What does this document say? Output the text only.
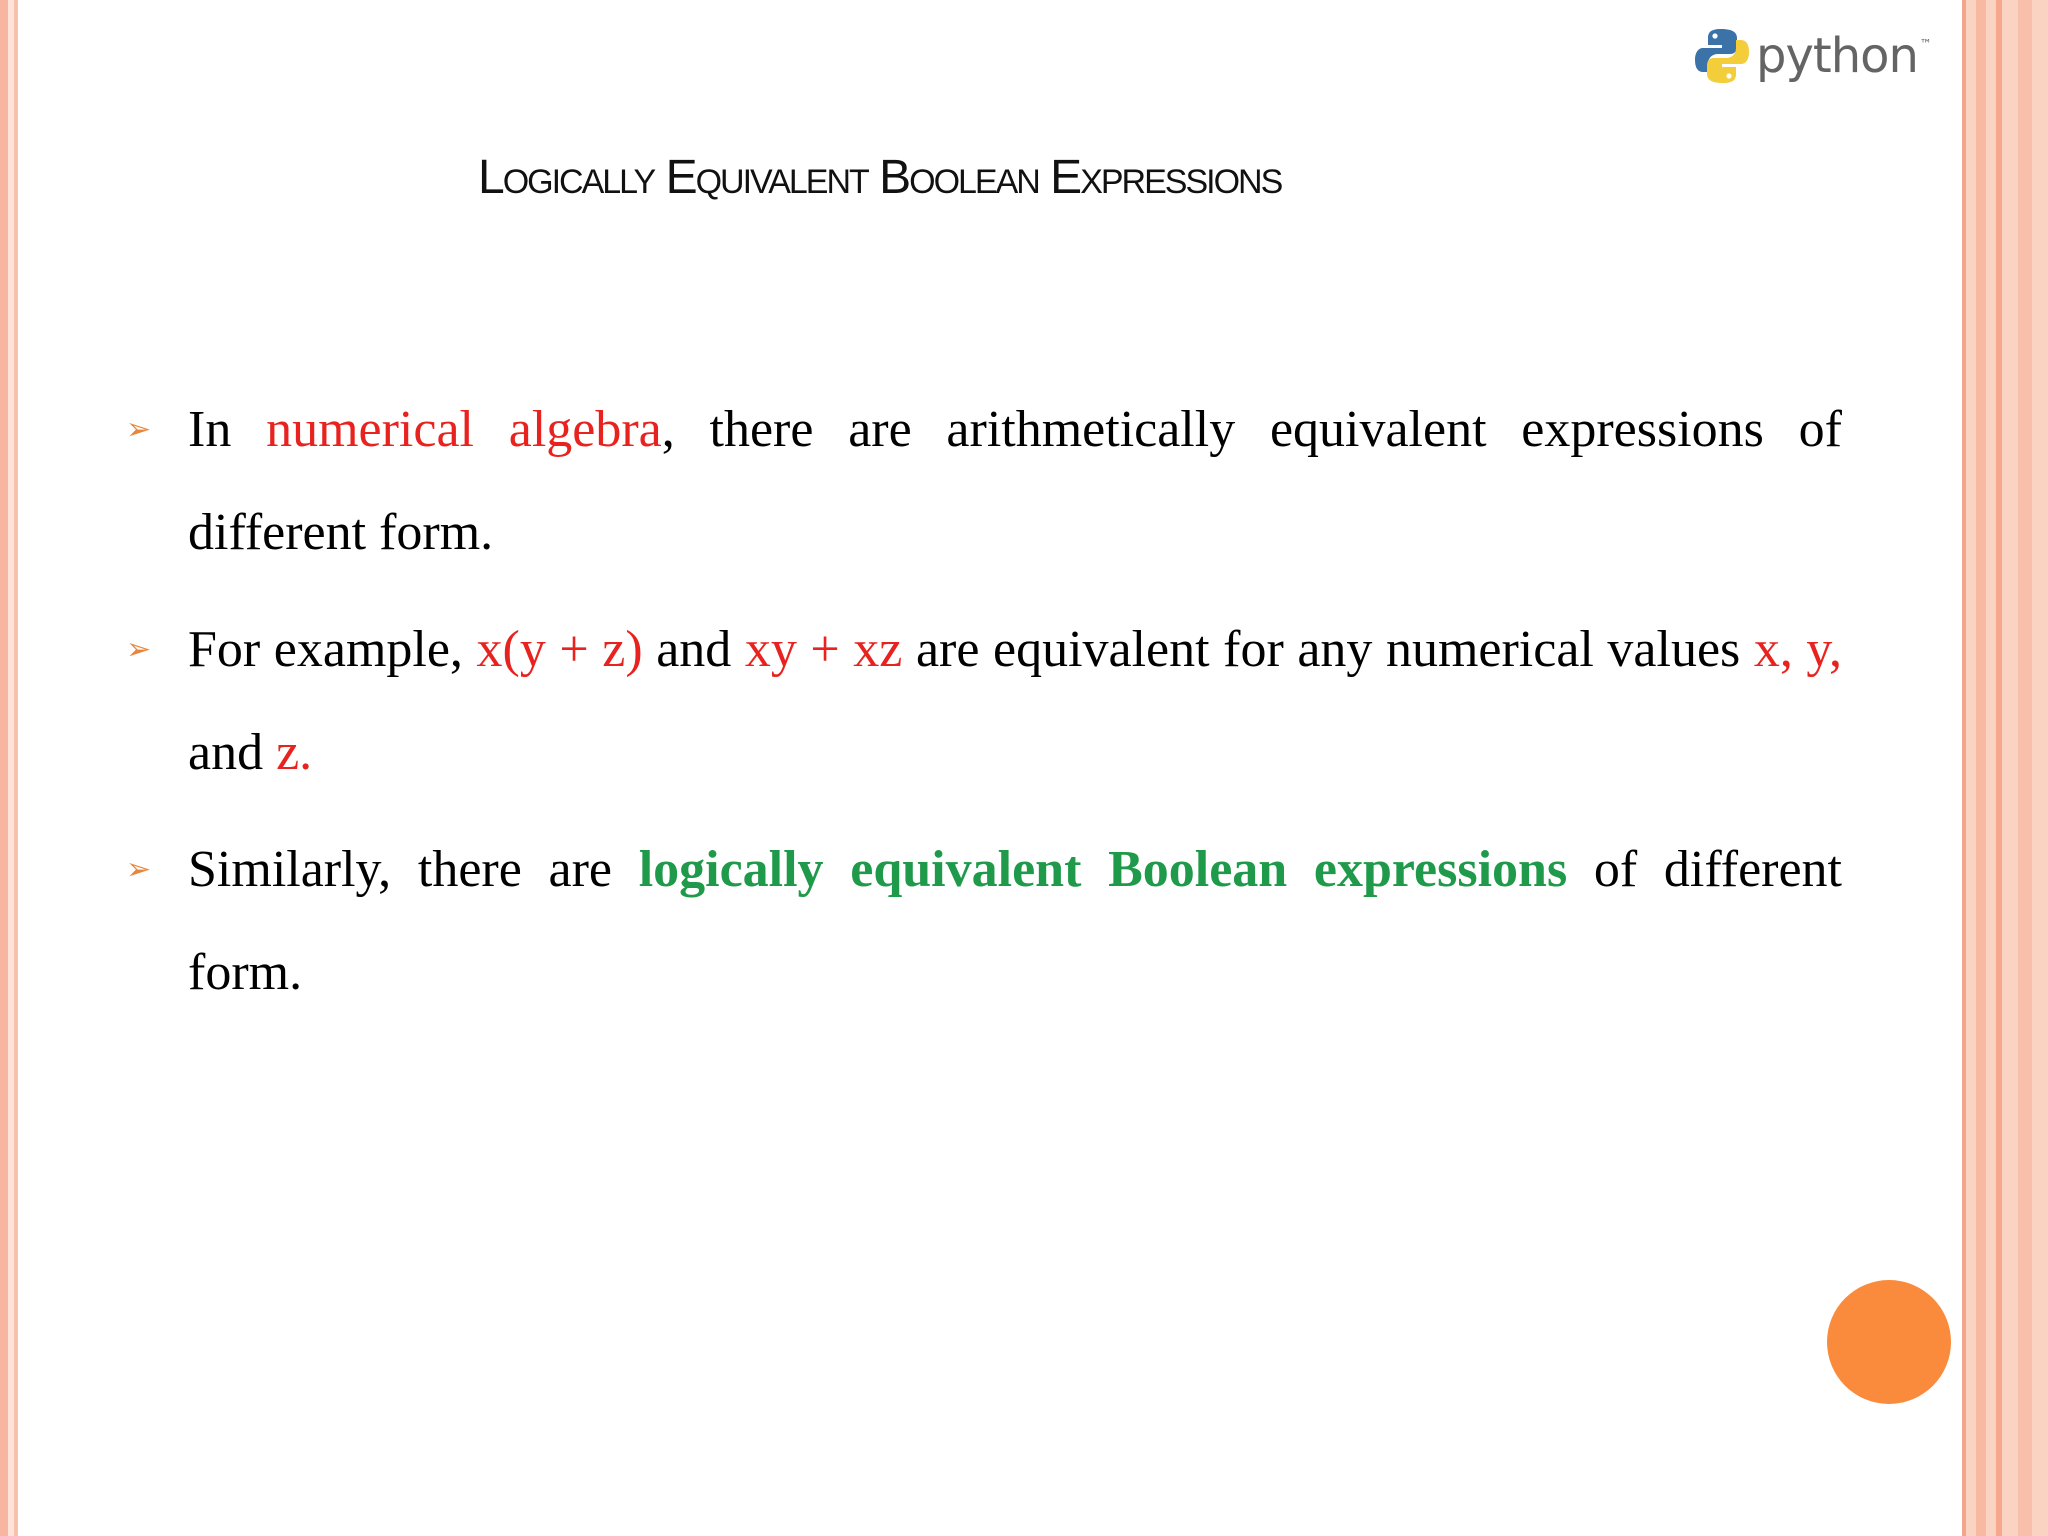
python ™
Logically Equivalent Boolean Expressions
➢ In numerical algebra, there are arithmetically equivalent expressions of different form.
➢ For example, x(y + z) and xy + xz are equivalent for any numerical values x, y, and z.
➢ Similarly, there are logically equivalent Boolean expressions of different form.
